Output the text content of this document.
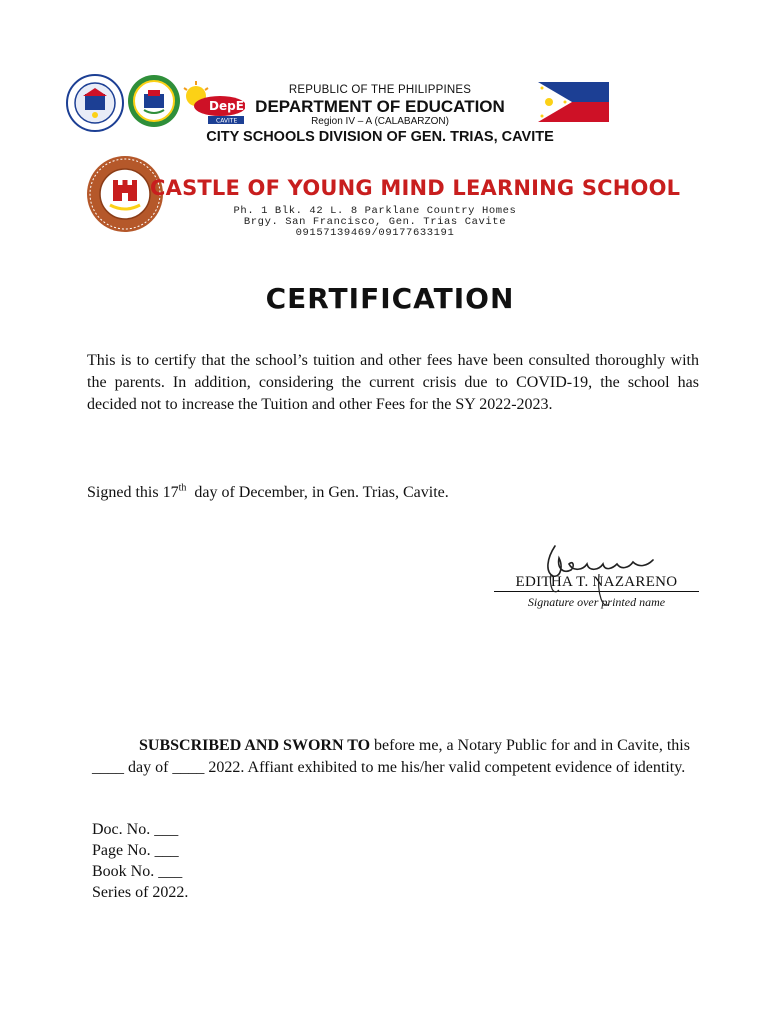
DepED
CAVITE
REPUBLIC OF THE PHILIPPINES
DEPARTMENT OF EDUCATION
Region IV – A (CALABARZON)
CITY SCHOOLS DIVISION OF GEN. TRIAS, CAVITE
CASTLE OF YOUNG MIND LEARNING SCHOOL
Ph. 1 Blk. 42 L. 8 Parklane Country Homes
Brgy. San Francisco, Gen. Trias Cavite
09157139469/09177633191
CERTIFICATION
This is to certify that the school’s tuition and other fees have been consulted thoroughly with the parents. In addition, considering the current crisis due to COVID-19, the school has decided not to increase the Tuition and other Fees for the SY 2022-2023.
Signed this 17th  day of December, in Gen. Trias, Cavite.
EDITHA T. NAZARENO
Signature over printed name
SUBSCRIBED AND SWORN TO before me, a Notary Public for and in Cavite, this ____ day of ____ 2022. Affiant exhibited to me his/her valid competent evidence of identity.
Doc. No. ___
Page No. ___
Book No. ___
Series of 2022.
